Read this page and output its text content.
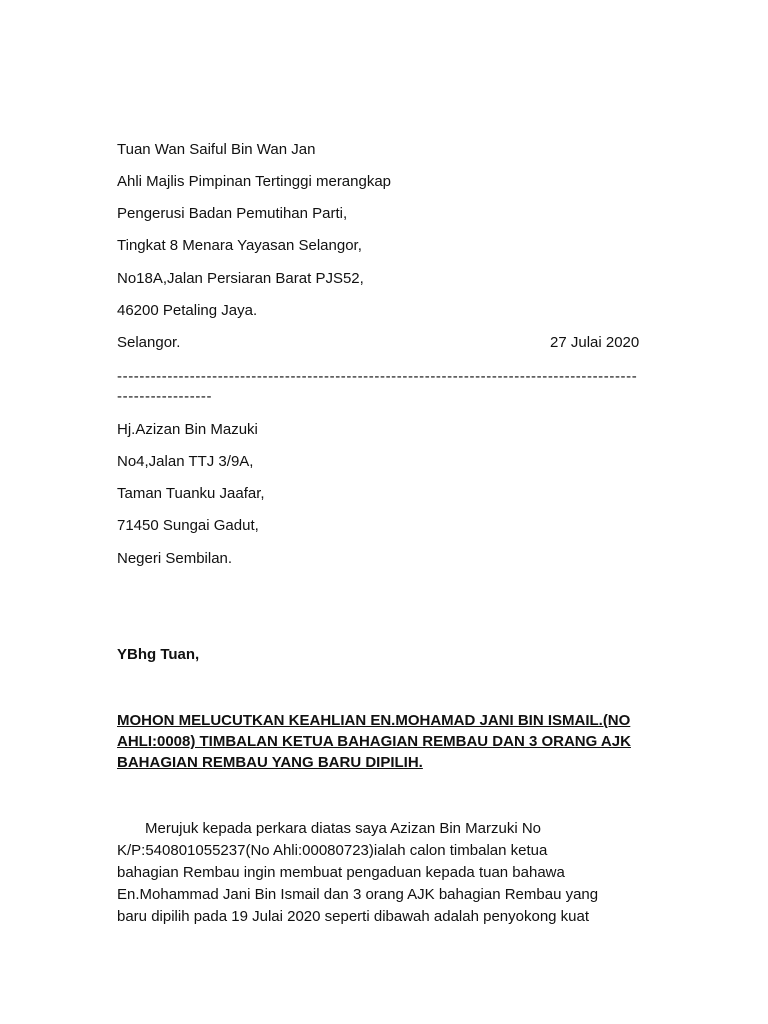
Tuan Wan Saiful Bin Wan Jan
Ahli Majlis Pimpinan Tertinggi merangkap
Pengerusi Badan Pemutihan Parti,
Tingkat 8 Menara Yayasan Selangor,
No18A,Jalan Persiaran Barat PJS52,
46200 Petaling Jaya.
Selangor.	27 Julai 2020
---------------------------------------------------------------------------------------------
-----------------
Hj.Azizan Bin Mazuki
No4,Jalan TTJ 3/9A,
Taman Tuanku Jaafar,
71450 Sungai Gadut,
Negeri Sembilan.
YBhg Tuan,
MOHON MELUCUTKAN KEAHLIAN EN.MOHAMAD JANI BIN ISMAIL.(NO
AHLI:0008) TIMBALAN KETUA BAHAGIAN REMBAU DAN 3 ORANG AJK
BAHAGIAN REMBAU YANG BARU DIPILIH.
Merujuk kepada perkara diatas saya Azizan Bin Marzuki No
K/P:540801055237(No Ahli:00080723)ialah calon timbalan ketua
bahagian Rembau ingin membuat pengaduan kepada tuan bahawa
En.Mohammad Jani Bin Ismail dan 3 orang AJK bahagian Rembau yang
baru dipilih pada 19 Julai 2020 seperti dibawah adalah penyokong kuat
